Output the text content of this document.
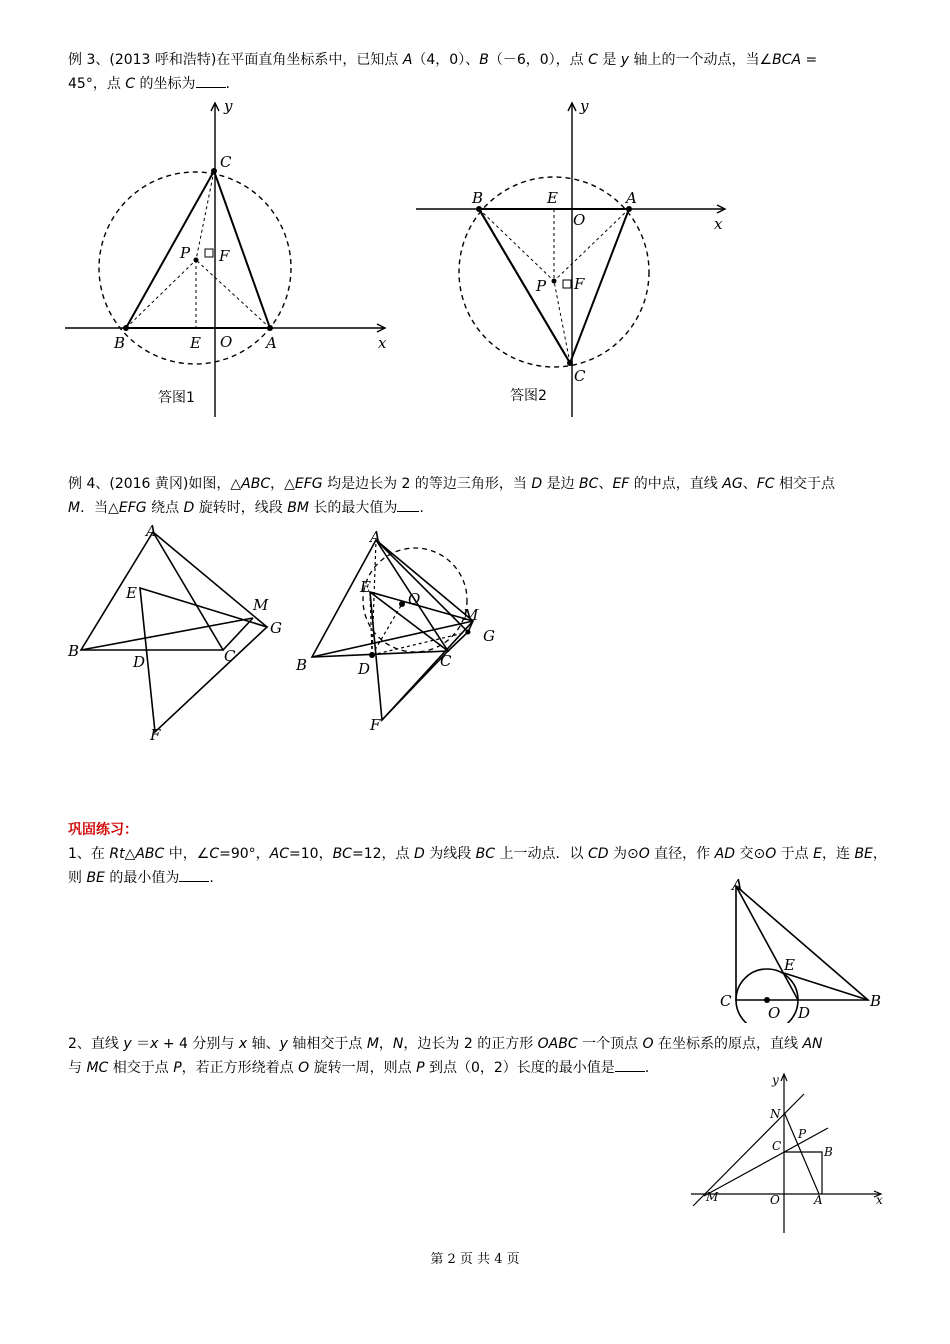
例 3、(2013 呼和浩特)在平面直角坐标系中，已知点 A（4，0）、B（－6，0），点 C 是 y 轴上的一个动点，当∠BCA =
45°，点 C 的坐标为 .
y
x
C
P F
B	E O A
答图1
y
x
B	E	A
O
P F
C
答图2
例 4、(2016 黄冈)如图，△ABC，△EFG 均是边长为 2 的等边三角形，当 D 是边 BC、EF 的中点，直线 AG、FC 相交于点
M．当△EFG 绕点 D 旋转时，线段 BM 长的最大值为 .
A
E
M
G
B
D	C
F
A
E
O
M
G
B	D	C
F
巩固练习：
1、在 Rt△ABC 中，∠C=90°，AC=10，BC=12，点 D 为线段 BC 上一动点．以 CD 为⊙O 直径，作 AD 交⊙O 于点 E，连 BE，
则 BE 的最小值为 .	A
E
C	B
O D
2、直线 y ＝x + 4 分别与 x 轴、y 轴相交于点 M，N，边长为 2 的正方形 OABC 一个顶点 O 在坐标系的原点，直线 AN
与 MC 相交于点 P，若正方形绕着点 O 旋转一周，则点 P 到点（0，2）长度的最小值是 .
y
x
N
P
C	B
M	O	A
第 2 页 共 4 页
